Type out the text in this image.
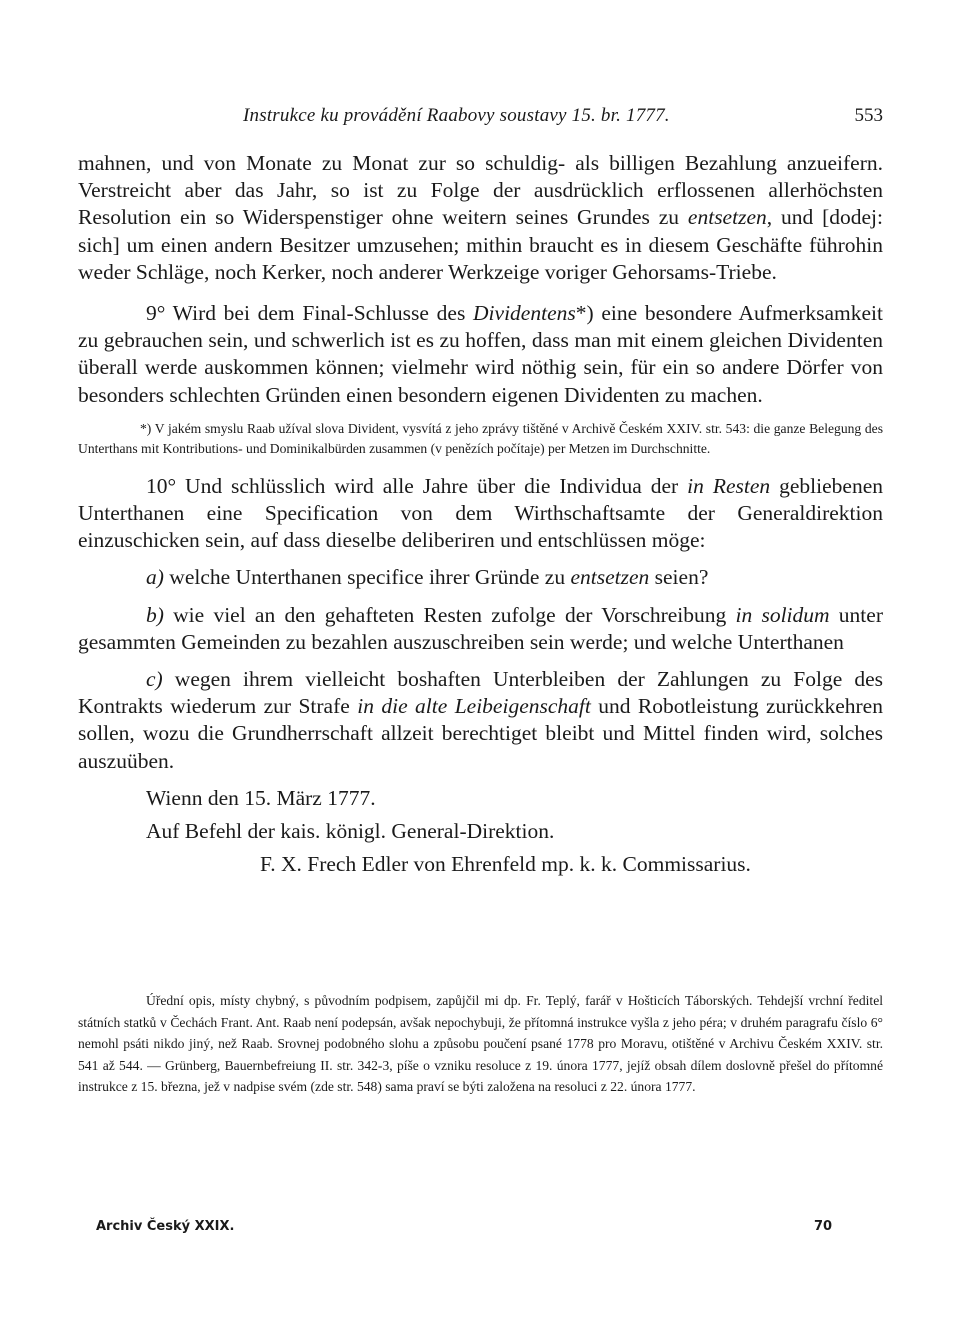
Instrukce ku provádění Raabovy soustavy 15. br. 1777.	553

mahnen, und von Monate zu Monat zur so schuldig- als billigen Bezahlung anzueifern. Verstreicht aber das Jahr, so ist zu Folge der ausdrücklich erflossenen allerhöchsten Resolution ein so Widerspenstiger ohne weitern seines Grundes zu entsetzen, und [dodej: sich] um einen andern Besitzer umzusehen; mithin braucht es in diesem Geschäfte führohin weder Schläge, noch Kerker, noch anderer Werkzeige voriger Gehorsams-Triebe.

9° Wird bei dem Final-Schlusse des Dividentens*) eine besondere Aufmerksamkeit zu gebrauchen sein, und schwerlich ist es zu hoffen, dass man mit einem gleichen Dividenten überall werde auskommen können; vielmehr wird nöthig sein, für ein so andere Dörfer von besonders schlechten Gründen einen besondern eigenen Dividenten zu machen.

*) V jakém smyslu Raab užíval slova Divident, vysvítá z jeho zprávy tištěné v Archivě Českém XXIV. str. 543: die ganze Belegung des Unterthans mit Kontributions- und Dominikalbürden zusammen (v penězích počítaje) per Metzen im Durchschnitte.

10° Und schlüsslich wird alle Jahre über die Individua der in Resten gebliebenen Unterthanen eine Specification von dem Wirthschaftsamte der Generaldirektion einzuschicken sein, auf dass dieselbe deliberiren und entschlüssen möge:

a) welche Unterthanen specifice ihrer Gründe zu entsetzen seien?

b) wie viel an den gehafteten Resten zufolge der Vorschreibung in solidum unter gesammten Gemeinden zu bezahlen auszuschreiben sein werde; und welche Unterthanen

c) wegen ihrem vielleicht boshaften Unterbleiben der Zahlungen zu Folge des Kontrakts wiederum zur Strafe in die alte Leibeigenschaft und Robotleistung zurückkehren sollen, wozu die Grundherrschaft allzeit berechtiget bleibt und Mittel finden wird, solches auszuüben.

Wienn den 15. März 1777.

Auf Befehl der kais. königl. General-Direktion.

F. X. Frech Edler von Ehrenfeld mp. k. k. Commissarius.

Úřední opis, místy chybný, s původním podpisem, zapůjčil mi dp. Fr. Teplý, farář v Hošticích Táborských. Tehdejší vrchní ředitel státních statků v Čechách Frant. Ant. Raab není podepsán, avšak nepochybuji, že přítomná instrukce vyšla z jeho péra; v druhém paragrafu číslo 6° nemohl psáti nikdo jiný, než Raab. Srovnej podobného slohu a způsobu poučení psané 1778 pro Moravu, otištěné v Archivu Českém XXIV. str. 541 až 544. — Grünberg, Bauernbefreiung II. str. 342-3, píše o vzniku resoluce z 19. února 1777, jejíž obsah dílem doslovně přešel do přítomné instrukce z 15. března, jež v nadpise svém (zde str. 548) sama praví se býti založena na resoluci z 22. února 1777.

Archiv Český XXIX.	70
